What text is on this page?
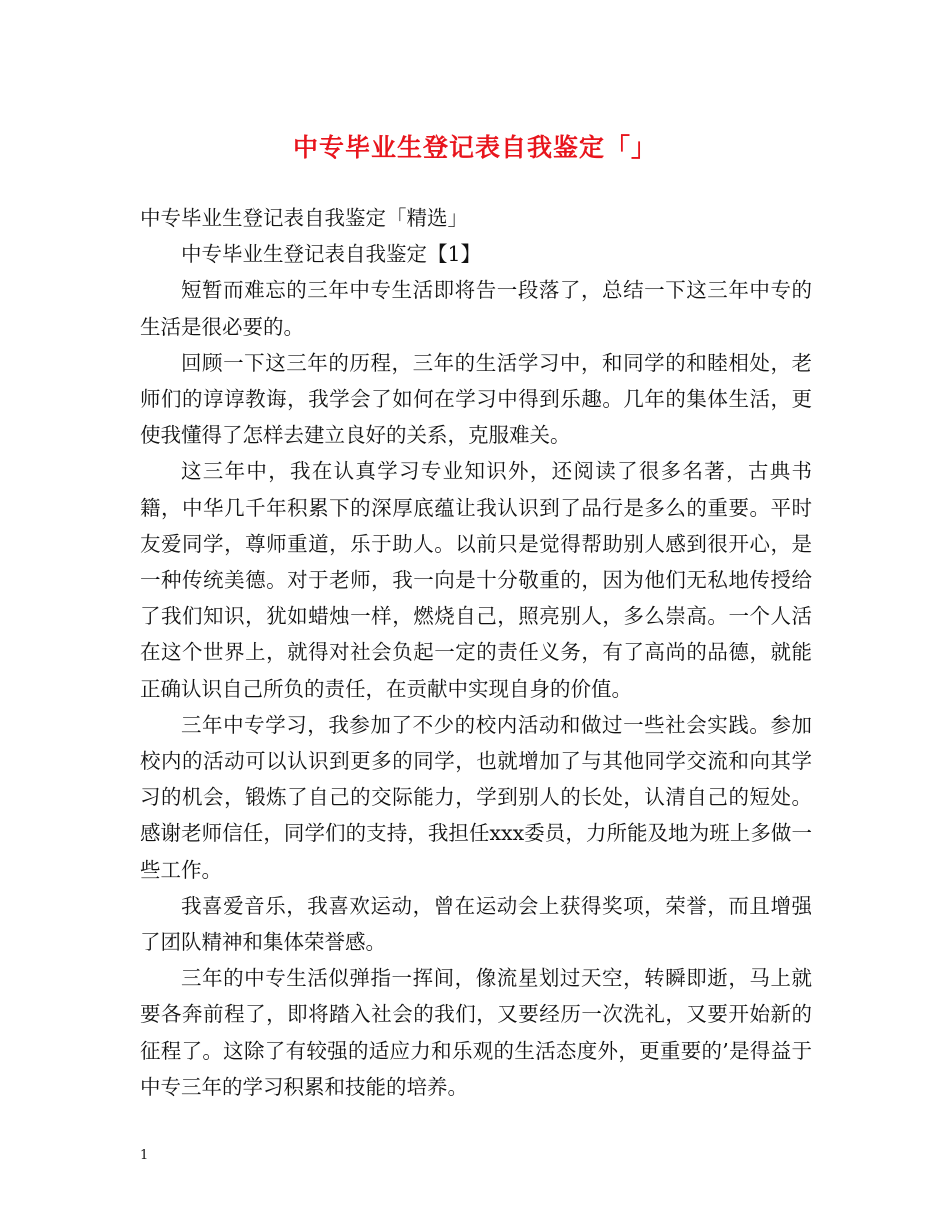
中专毕业生登记表自我鉴定「」

中专毕业生登记表自我鉴定「精选」

中专毕业生登记表自我鉴定【1】

短暂而难忘的三年中专生活即将告一段落了，总结一下这三年中专的生活是很必要的。

回顾一下这三年的历程，三年的生活学习中，和同学的和睦相处，老师们的谆谆教诲，我学会了如何在学习中得到乐趣。几年的集体生活，更使我懂得了怎样去建立良好的关系，克服难关。

这三年中，我在认真学习专业知识外，还阅读了很多名著，古典书籍，中华几千年积累下的深厚底蕴让我认识到了品行是多么的重要。平时友爱同学，尊师重道，乐于助人。以前只是觉得帮助别人感到很开心，是一种传统美德。对于老师，我一向是十分敬重的，因为他们无私地传授给了我们知识，犹如蜡烛一样，燃烧自己，照亮别人，多么崇高。一个人活在这个世界上，就得对社会负起一定的责任义务，有了高尚的品德，就能正确认识自己所负的责任，在贡献中实现自身的价值。

三年中专学习，我参加了不少的校内活动和做过一些社会实践。参加校内的活动可以认识到更多的同学，也就增加了与其他同学交流和向其学习的机会，锻炼了自己的交际能力，学到别人的长处，认清自己的短处。感谢老师信任，同学们的支持，我担任xxx委员，力所能及地为班上多做一些工作。

我喜爱音乐，我喜欢运动，曾在运动会上获得奖项，荣誉，而且增强了团队精神和集体荣誉感。

三年的中专生活似弹指一挥间，像流星划过天空，转瞬即逝，马上就要各奔前程了，即将踏入社会的我们，又要经历一次洗礼，又要开始新的征程了。这除了有较强的适应力和乐观的生活态度外，更重要的’是得益于中专三年的学习积累和技能的培养。

1
